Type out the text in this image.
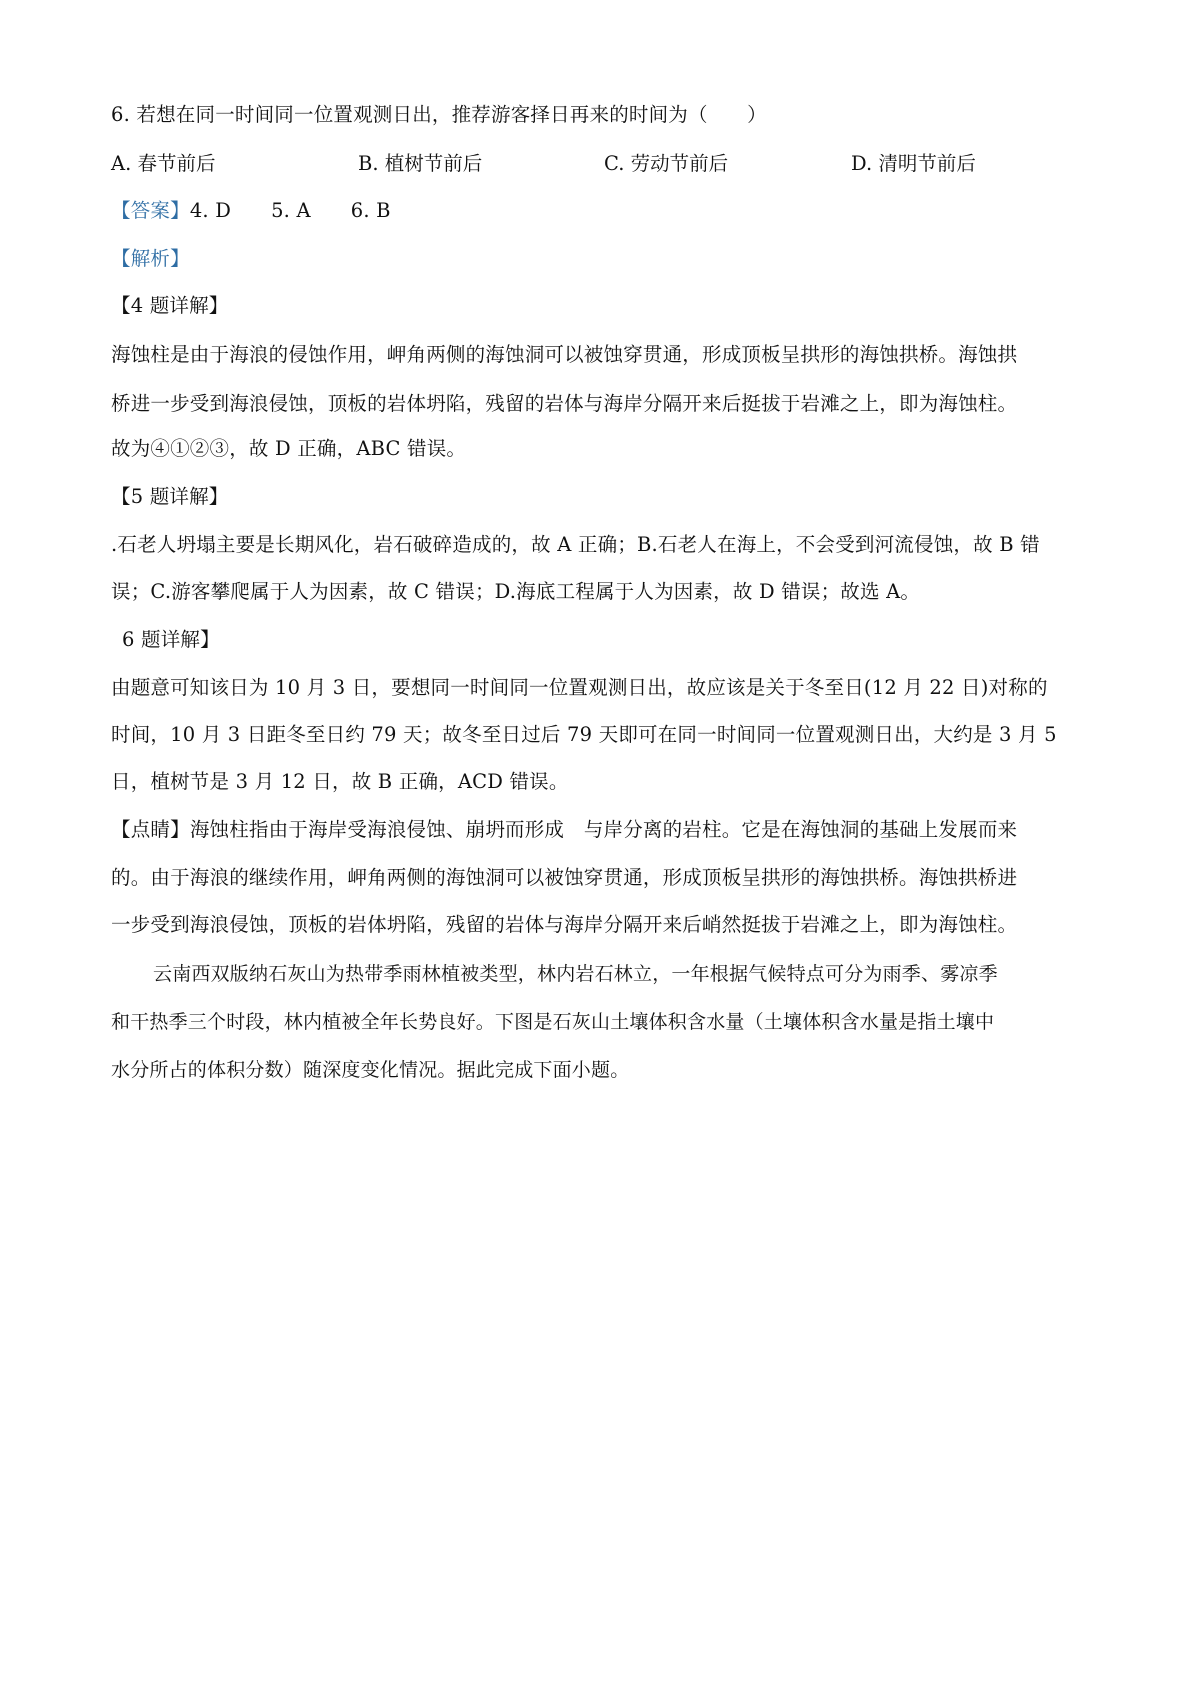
6. 若想在同一时间同一位置观测日出，推荐游客择日再来的时间为（　　）
A. 春节前后	B. 植树节前后	C. 劳动节前后	D. 清明节前后
【答案】4. D 5. A 6. B
【解析】
【4 题详解】
海蚀柱是由于海浪的侵蚀作用，岬角两侧的海蚀洞可以被蚀穿贯通，形成顶板呈拱形的海蚀拱桥。海蚀拱
桥进一步受到海浪侵蚀，顶板的岩体坍陷，残留的岩体与海岸分隔开来后挺拔于岩滩之上，即为海蚀柱。
故为④①②③，故 D 正确，ABC 错误。
【5 题详解】
.石老人坍塌主要是长期风化，岩石破碎造成的，故 A 正确；B.石老人在海上，不会受到河流侵蚀，故 B 错
误；C.游客攀爬属于人为因素，故 C 错误；D.海底工程属于人为因素，故 D 错误；故选 A。
6 题详解】
由题意可知该日为 10 月 3 日，要想同一时间同一位置观测日出，故应该是关于冬至日(12 月 22 日)对称的
时间，10 月 3 日距冬至日约 79 天；故冬至日过后 79 天即可在同一时间同一位置观测日出，大约是 3 月 5
日，植树节是 3 月 12 日，故 B 正确，ACD 错误。
【点睛】海蚀柱指由于海岸受海浪侵蚀、崩坍而形成　与岸分离的岩柱。它是在海蚀洞的基础上发展而来
的。由于海浪的继续作用，岬角两侧的海蚀洞可以被蚀穿贯通，形成顶板呈拱形的海蚀拱桥。海蚀拱桥进
一步受到海浪侵蚀，顶板的岩体坍陷，残留的岩体与海岸分隔开来后峭然挺拔于岩滩之上，即为海蚀柱。
云南西双版纳石灰山为热带季雨林植被类型，林内岩石林立，一年根据气候特点可分为雨季、雾凉季
和干热季三个时段，林内植被全年长势良好。下图是石灰山土壤体积含水量（土壤体积含水量是指土壤中
水分所占的体积分数）随深度变化情况。据此完成下面小题。
